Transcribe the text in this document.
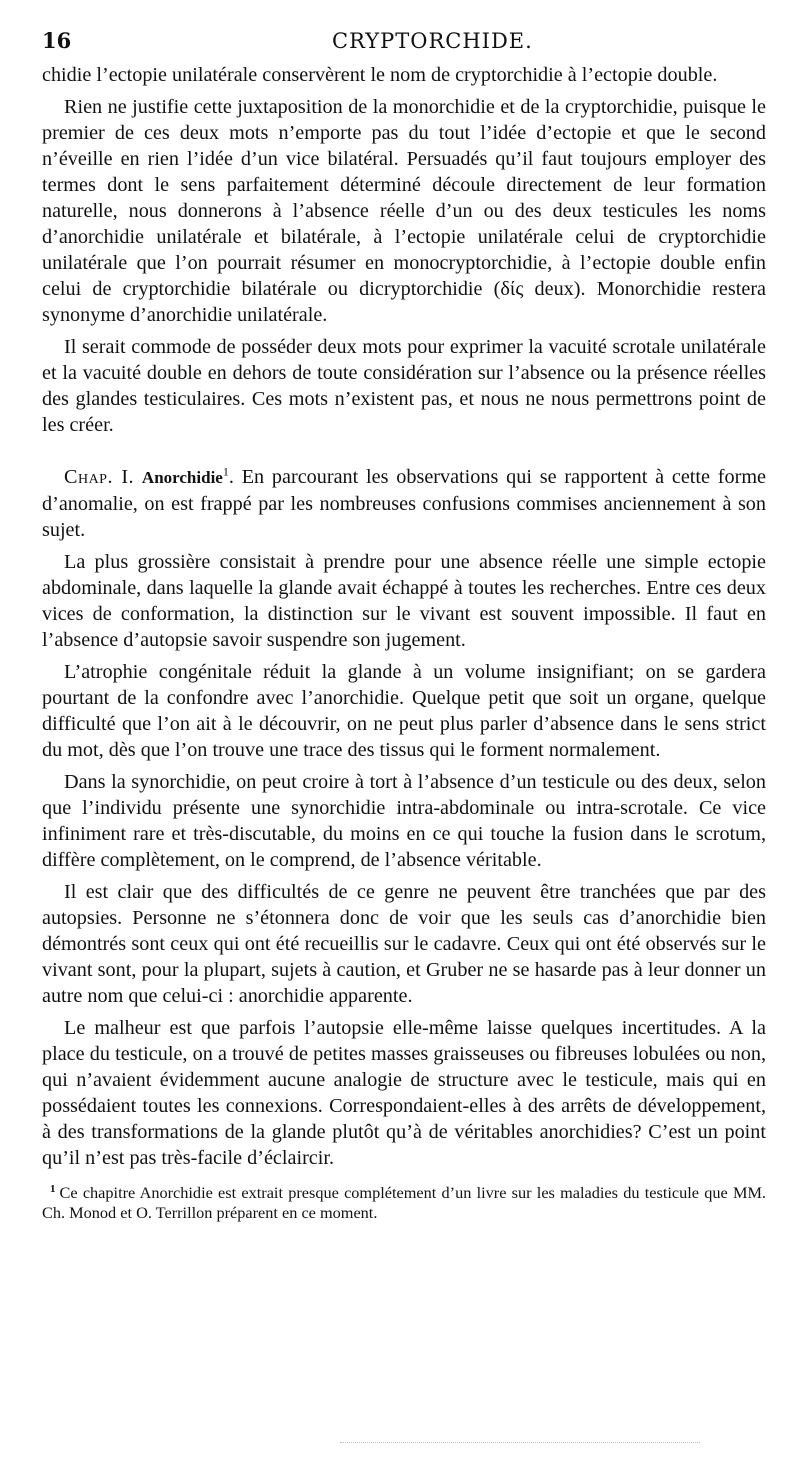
16	CRYPTORCHIDE.

chidie l’ectopie unilatérale conservèrent le nom de cryptorchidie à l’ectopie double.

Rien ne justifie cette juxtaposition de la monorchidie et de la cryptorchidie, puisque le premier de ces deux mots n’emporte pas du tout l’idée d’ectopie et que le second n’éveille en rien l’idée d’un vice bilatéral. Persuadés qu’il faut toujours employer des termes dont le sens parfaitement déterminé découle directement de leur formation naturelle, nous donnerons à l’absence réelle d’un ou des deux testicules les noms d’anorchidie unilatérale et bilatérale, à l’ectopie unilatérale celui de cryptorchidie unilatérale que l’on pourrait résumer en monocryptorchidie, à l’ectopie double enfin celui de cryptorchidie bilatérale ou dicryptorchidie (δίς deux). Monorchidie restera synonyme d’anorchidie unilatérale.

Il serait commode de posséder deux mots pour exprimer la vacuité scrotale unilatérale et la vacuité double en dehors de toute considération sur l’absence ou la présence réelles des glandes testiculaires. Ces mots n’existent pas, et nous ne nous permettrons point de les créer.

Chap. I. Anorchidie$^1$. En parcourant les observations qui se rapportent à cette forme d’anomalie, on est frappé par les nombreuses confusions commises anciennement à son sujet.

La plus grossière consistait à prendre pour une absence réelle une simple ectopie abdominale, dans laquelle la glande avait échappé à toutes les recherches. Entre ces deux vices de conformation, la distinction sur le vivant est souvent impossible. Il faut en l’absence d’autopsie savoir suspendre son jugement.

L’atrophie congénitale réduit la glande à un volume insignifiant; on se gardera pourtant de la confondre avec l’anorchidie. Quelque petit que soit un organe, quelque difficulté que l’on ait à le découvrir, on ne peut plus parler d’absence dans le sens strict du mot, dès que l’on trouve une trace des tissus qui le forment normalement.

Dans la synorchidie, on peut croire à tort à l’absence d’un testicule ou des deux, selon que l’individu présente une synorchidie intra-abdominale ou intra-scrotale. Ce vice infiniment rare et très-discutable, du moins en ce qui touche la fusion dans le scrotum, diffère complètement, on le comprend, de l’absence véritable.

Il est clair que des difficultés de ce genre ne peuvent être tranchées que par des autopsies. Personne ne s’étonnera donc de voir que les seuls cas d’anorchidie bien démontrés sont ceux qui ont été recueillis sur le cadavre. Ceux qui ont été observés sur le vivant sont, pour la plupart, sujets à caution, et Gruber ne se hasarde pas à leur donner un autre nom que celui-ci : anorchidie apparente.

Le malheur est que parfois l’autopsie elle-même laisse quelques incertitudes. A la place du testicule, on a trouvé de petites masses graisseuses ou fibreuses lobulées ou non, qui n’avaient évidemment aucune analogie de structure avec le testicule, mais qui en possédaient toutes les connexions. Correspondaient-elles à des arrêts de développement, à des transformations de la glande plutôt qu’à de véritables anorchidies? C’est un point qu’il n’est pas très-facile d’éclaircir.

$^1$ Ce chapitre Anorchidie est extrait presque complétement d’un livre sur les maladies du testicule que MM. Ch. Monod et O. Terrillon préparent en ce moment.
